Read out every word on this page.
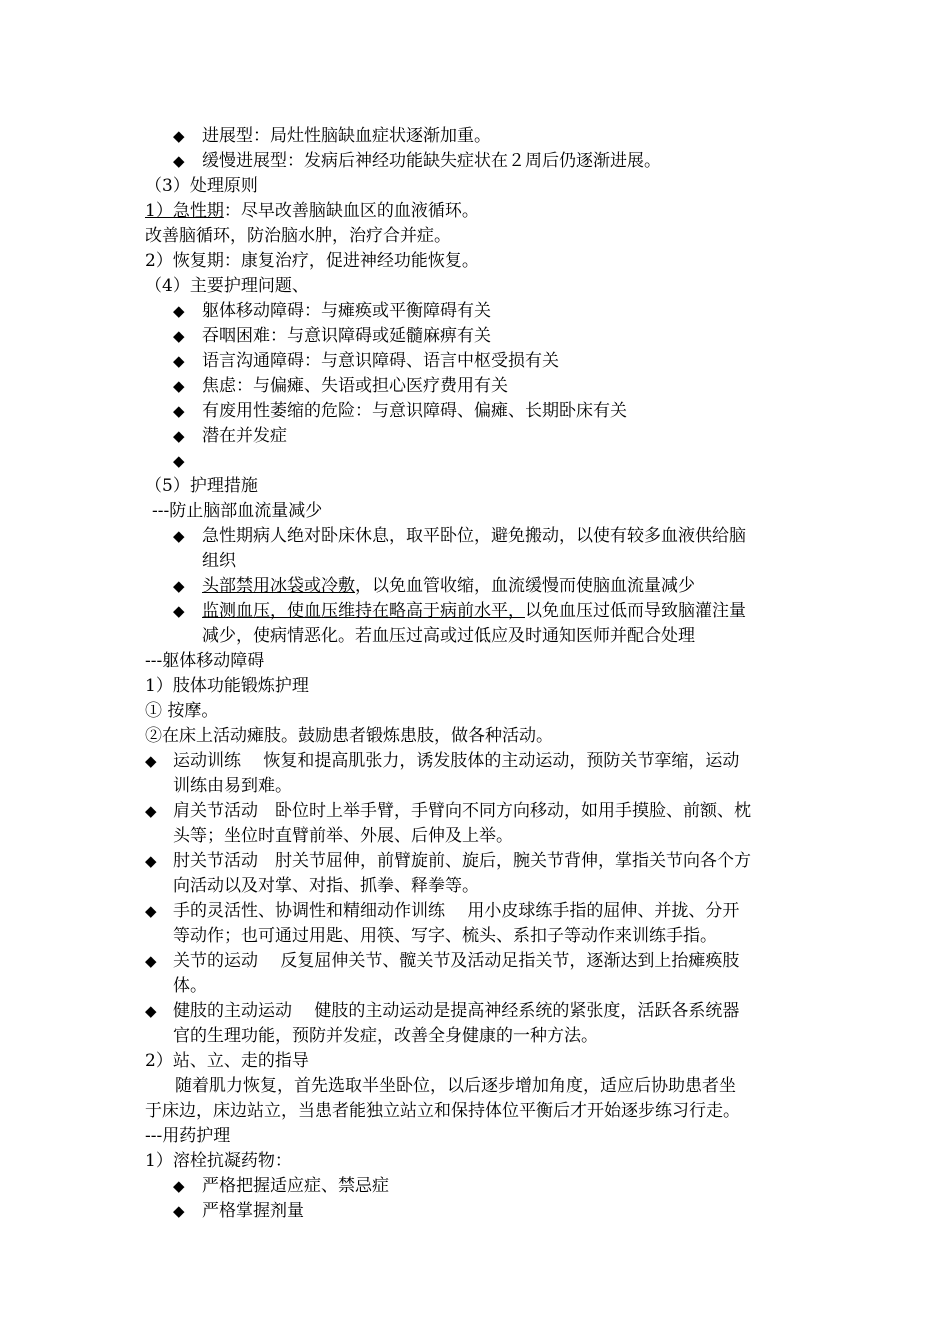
◆ 进展型：局灶性脑缺血症状逐渐加重。
◆ 缓慢进展型：发病后神经功能缺失症状在２周后仍逐渐进展。
（3）处理原则
1）急性期：尽早改善脑缺血区的血液循环。
改善脑循环，防治脑水肿，治疗合并症。
2）恢复期：康复治疗，促进神经功能恢复。
（4）主要护理问题、
◆ 躯体移动障碍：与瘫痪或平衡障碍有关
◆ 吞咽困难：与意识障碍或延髓麻痹有关
◆ 语言沟通障碍：与意识障碍、语言中枢受损有关
◆ 焦虑：与偏瘫、失语或担心医疗费用有关
◆ 有废用性萎缩的危险：与意识障碍、偏瘫、长期卧床有关
◆ 潜在并发症
◆
（5）护理措施
---防止脑部血流量减少
◆ 急性期病人绝对卧床休息，取平卧位，避免搬动，以使有较多血液供给脑
组织
◆ 头部禁用冰袋或冷敷，以免血管收缩，血流缓慢而使脑血流量减少
◆ 监测血压，使血压维持在略高于病前水平，以免血压过低而导致脑灌注量
减少，使病情恶化。若血压过高或过低应及时通知医师并配合处理
---躯体移动障碍
1）肢体功能锻炼护理
① 按摩。
②在床上活动瘫肢。鼓励患者锻炼患肢，做各种活动。
◆ 运动训练　 恢复和提高肌张力，诱发肢体的主动运动，预防关节挛缩，运动
训练由易到难。
◆ 肩关节活动　卧位时上举手臂，手臂向不同方向移动，如用手摸脸、前额、枕
头等；坐位时直臂前举、外展、后伸及上举。
◆ 肘关节活动　肘关节屈伸，前臂旋前、旋后，腕关节背伸，掌指关节向各个方
向活动以及对掌、对指、抓拳、释拳等。
◆ 手的灵活性、协调性和精细动作训练　 用小皮球练手指的屈伸、并拢、分开
等动作；也可通过用匙、用筷、写字、梳头、系扣子等动作来训练手指。
◆ 关节的运动　 反复屈伸关节、髋关节及活动足指关节，逐渐达到上抬瘫痪肢
体。
◆ 健肢的主动运动　 健肢的主动运动是提高神经系统的紧张度，活跃各系统器
官的生理功能，预防并发症，改善全身健康的一种方法。
2）站、立、走的指导
随着肌力恢复，首先选取半坐卧位，以后逐步增加角度，适应后协助患者坐
于床边，床边站立，当患者能独立站立和保持体位平衡后才开始逐步练习行走。
---用药护理
1）溶栓抗凝药物：
◆ 严格把握适应症、禁忌症
◆ 严格掌握剂量
